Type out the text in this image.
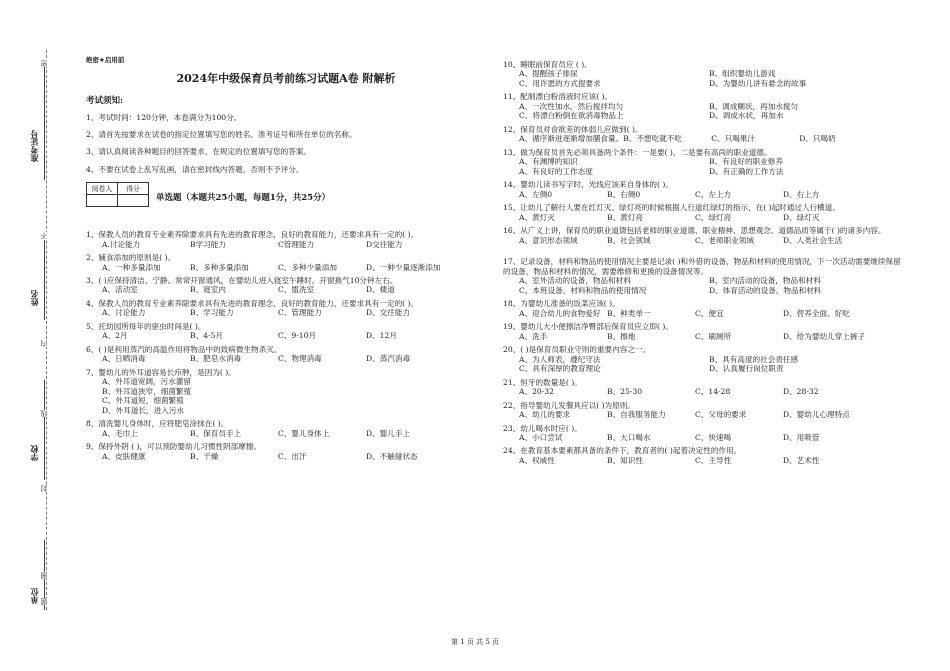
准考证号
姓名
学校
单位
密
不
内
线
封
圈
题
绝密★启用前
2024年中级保育员考前练习试题A卷 附解析
考试须知:
1、考试时间：120分钟，本卷满分为100分。
2、请首先按要求在试卷的指定位置填写您的姓名、准考证号和所在单位的名称。
3、请认真阅读各种题目的回答要求，在规定的位置填写您的答案。
4、不要在试卷上乱写乱画，请在密封线内答题，否则不予评分。
阅卷人	得分

单选题（本题共25小题，每题1分，共25分）
1、保教人员的教育专业素养除要求具有先进的教育理念，良好的教育能力，还要求具有一定的( )。
A.讨论能力	B学习能力	C管理能力	D交往能力
2、辅食添加的原则是( )。
A、一种多量添加	B、多种多量添加	C、多种少量添加	D、一种少量逐渐添加
3、( )应保持清洁、宁静、常常开窗通风，在婴幼儿进入寝室午睡时，开窗换气10分钟左右。
A、活动室	B、寝室内	C、盥洗室	D、楼道
4、保教人员的教育专业素养除要求具有先进的教育理念，良好的教育能力，还要求具有一定的( )。
A、讨论能力	B、学习能力	C、管理能力	D、交往能力
5、托幼园所每年的驱虫时间是( )。
A、2月	B、4-5月	C、9-10月	D、12月
6、( )是利用蒸汽的高温作用将物品中的致病微生物杀灭。
A、日晒消毒	B、肥皂水消毒	C、物理消毒	D、蒸汽消毒
7、婴幼儿的外耳道容易长疖肿，是因为( )。
A、外耳道宽阔，污水灌留
B、外耳道狭窄，细菌繁殖
C、外耳道短，细菌繁殖
D、外耳道长，进入污水
8、清洗婴儿身体时，应将肥皂涂抹在( )。
A、毛巾上	B、保育员手上	C、婴儿身体上	D、婴儿手上
9、保持外阴 ( )，可以预防婴幼儿习惯性阴部摩擦。
A、皮肤健康	B、干燥	C、出汗	D、不触碰状态
10、睡眠前保育员应 ( )。
A、提醒孩子排尿	B、组织婴幼儿游戏
C、用许愿的方式提要求	D、为婴幼儿讲有悬念的故事
11、配制漂白粉溶液时应该( )。
A、一次性加水，然后搅拌均匀	B、调成糊状，再加水搅匀
C、将漂白粉倒在欲消毒物品上	D、调成水状，再加水
12、保育员对食欲差的体弱儿应做到( )。
A、循序渐进逐渐增加膳食量。 B、不想吃就不吃	C、只喝果汁	D、只喝奶
13、做为保育员首先必须具备两个条件：一是要( )，二是要有高尚的职业道德。
A、有渊博的知识	B、有良好的职业修养
A、有良好的工作态度	D、有正确的工作方法
14、婴幼儿读书写字时，光线应该来自身体的( )。
A、左侧0	B、右侧0	C、左上方	D、右上方
15、让幼儿了解行人要在红灯灭、绿灯亮的时候根据人行道红绿灯的指示，在( )起时通过人行横道。
A、黄灯灭	B、黄灯亮	C、绿灯亮	D、绿灯灭
16、从广义上讲，保育员的职业道德包括老师的职业道德、职业精神、思想观念、道德品质等属于( )的诸多内容。
A、意识形态领域	B、社会领域	C、老师职业领域	D、人类社会生活
17、记录设备，材料和物品的使用情况主要是记录( )和外借的设备，物品和材料的使用情况，下一次活动需要继续保留的设备，物品和材料的情况，需要维修和更换的设备情况等。
A、室外活动的设备，物品和材料	B、室内活动的设备，物品和材料
C、本班设备，材料和物品的使用情况	D、体育活动的设备，物品和材料
18、为婴幼儿准备的饭菜应该( )。
A、迎合幼儿的食物爱好 B、种类单一	C、便宜	D、营养全面、好吃
19、婴幼儿大小便擦洁净臀部后保育员应立即( )。
A、洗手	B、擦地	C、刷厕所	D、给为婴幼儿穿上裤子
20、( )是保育员职业守则的重要内容之一。
A、为人师表，遵纪守法	B、具有高度的社会责任感
C、具有深厚的教育理论	D、认真履行岗位职责
21、恒牙的数量是( )。
A、20-32	B、25-30	C、14-28	D、28-32
22、指导婴幼儿发餐具应以( )为原则。
A、幼儿的要求	B、自我服务能力	C、父母的要求	D、婴幼儿心理特点
23、幼儿喝水时应( )。
A、小口尝试	B、大口喝水	C、快速喝	D、用吸管
24、在教育基本要素都具备的条件下，教育者的( )起着决定性的作用。
A、权威性	B、知识性	C、主导性	D、艺术性
第 1 页 共 5 页
